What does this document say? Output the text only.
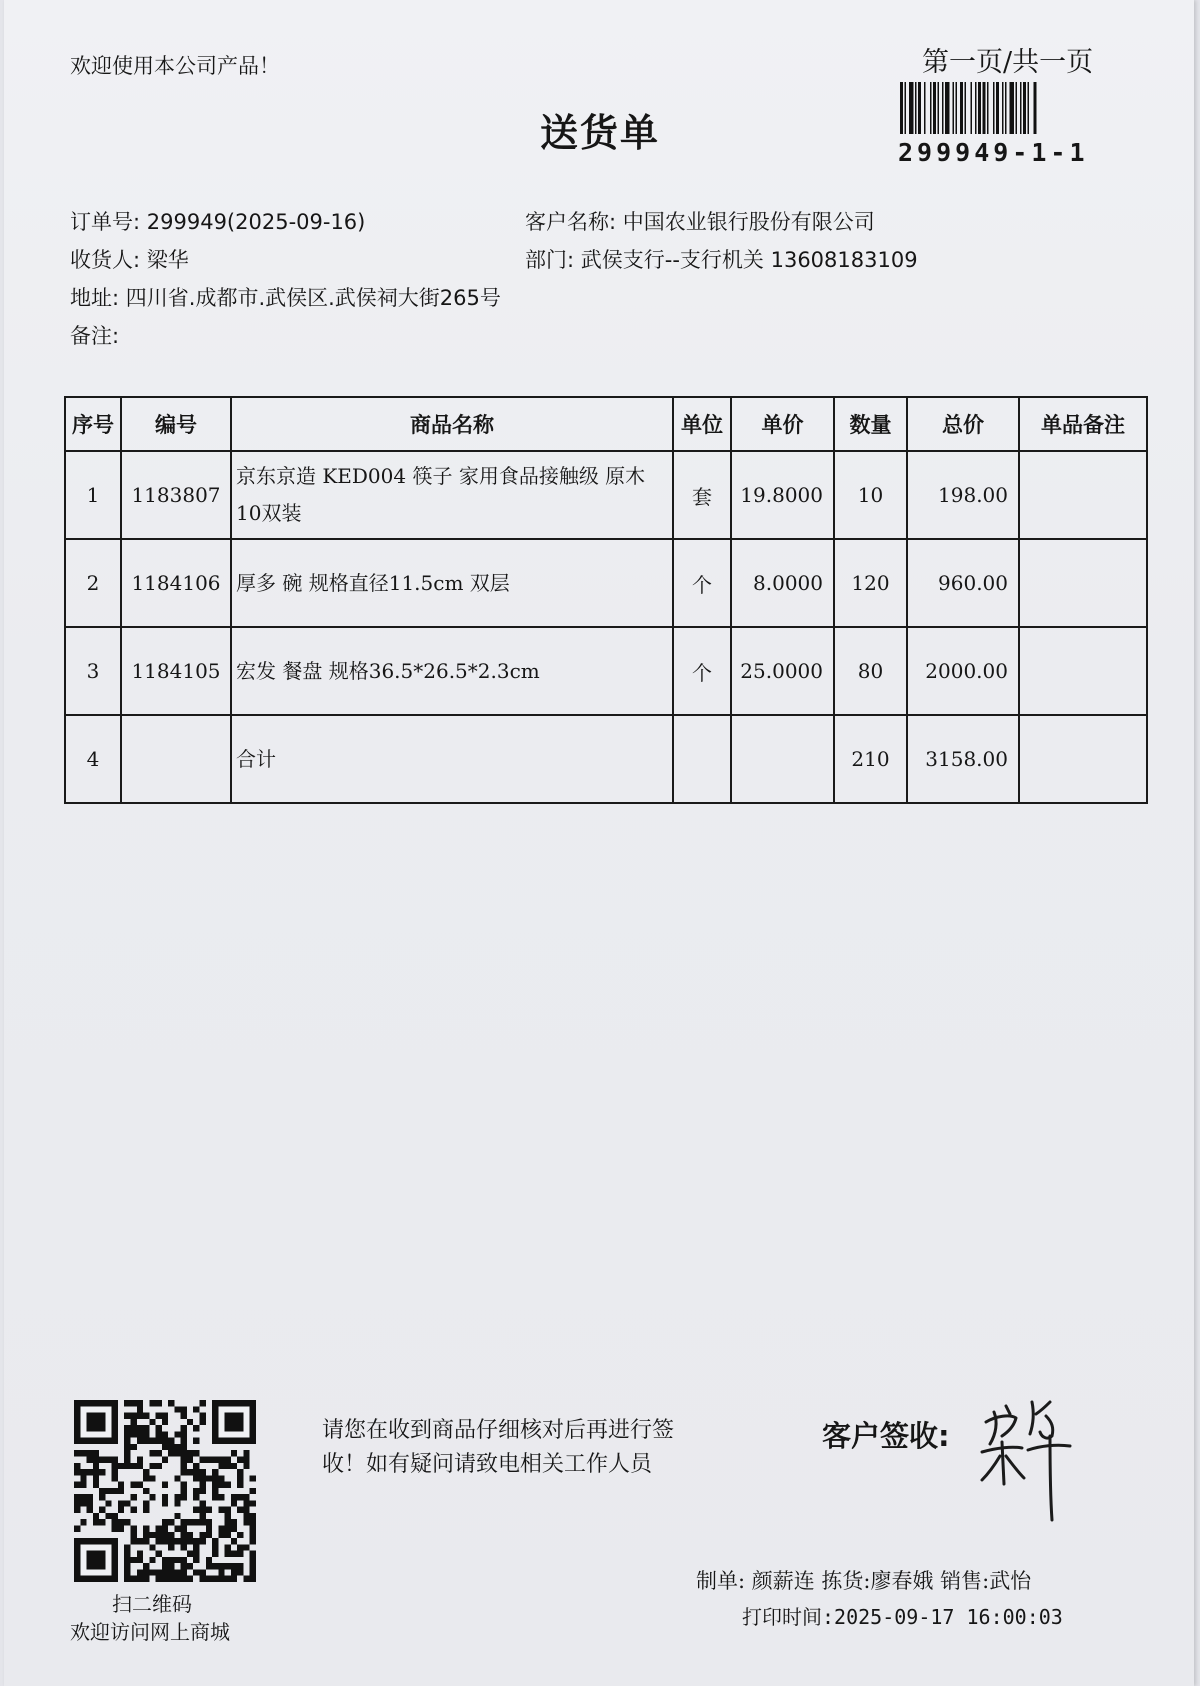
欢迎使用本公司产品！	第一页/共一页
送货单	299949-1-1
订单号: 299949(2025-09-16)
收货人: 梁华
地址: 四川省.成都市.武侯区.武侯祠大街265号
备注:
客户名称: 中国农业银行股份有限公司
部门: 武侯支行--支行机关 13608183109
序号	编号	商品名称	单位	单价	数量	总价	单品备注
1	1183807	京东京造 KED004 筷子 家用食品接触级 原木 10双装	套	19.8000	10	198.00	
2	1184106	厚多 碗 规格直径11.5cm 双层	个	8.0000	120	960.00	
3	1184105	宏发 餐盘 规格36.5*26.5*2.3cm	个	25.0000	80	2000.00	
4		合计			210	3158.00	
扫二维码
欢迎访问网上商城
请您在收到商品仔细核对后再进行签
收！如有疑问请致电相关工作人员
客户签收:
制单: 颜薪连 拣货:廖春娥 销售:武怡
打印时间:2025-09-17 16:00:03
